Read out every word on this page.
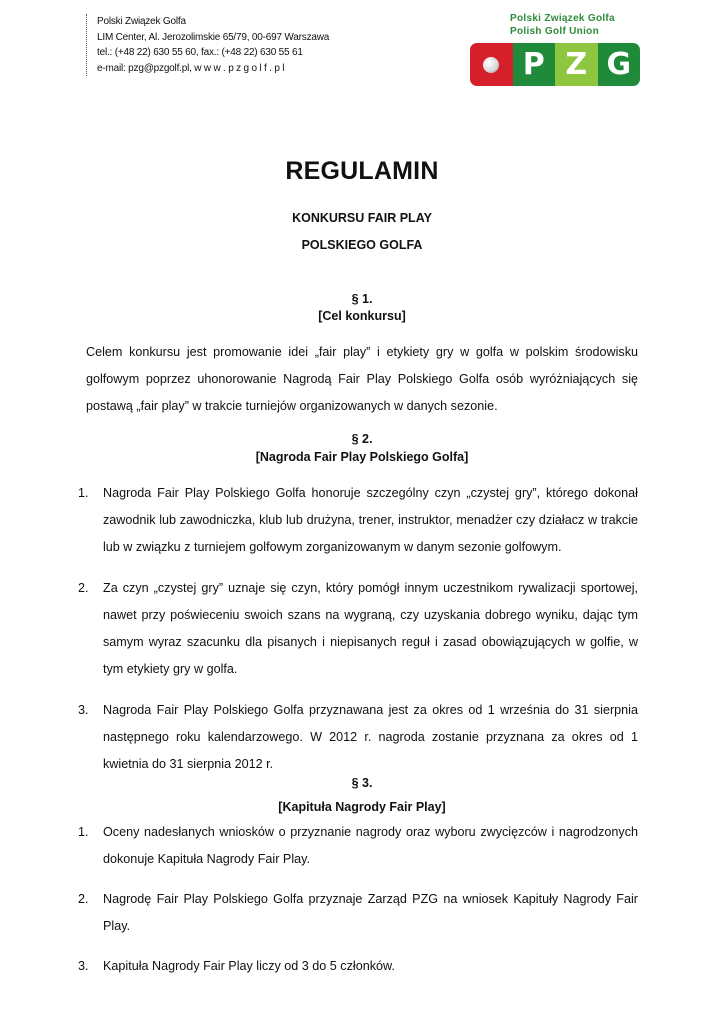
Polski Związek Golfa
LIM Center, Al. Jerozolimskie 65/79, 00-697 Warszawa
tel.: (+48 22) 630 55 60, fax.: (+48 22) 630 55 61
e-mail: pzg@pzgolf.pl, w w w . p z g o l f . p l
Polski Związek Golfa
Polish Golf Union
P Z G
REGULAMIN
KONKURSU FAIR PLAY
POLSKIEGO GOLFA
§ 1.
[Cel konkursu]
Celem konkursu jest promowanie idei „fair play” i etykiety gry w golfa w polskim środowisku golfowym poprzez uhonorowanie Nagrodą Fair Play Polskiego Golfa osób wyróżniających się postawą „fair play” w trakcie turniejów organizowanych w danych sezonie.
§ 2.
[Nagroda Fair Play Polskiego Golfa]
1.	Nagroda Fair Play Polskiego Golfa honoruje szczególny czyn „czystej gry”, którego dokonał zawodnik lub zawodniczka, klub lub drużyna, trener, instruktor, menadżer czy działacz w trakcie lub w związku z turniejem golfowym zorganizowanym w danym sezonie golfowym.
2.	Za czyn „czystej gry” uznaje się czyn, który pomógł innym uczestnikom rywalizacji sportowej, nawet przy poświeceniu swoich szans na wygraną, czy uzyskania dobrego wyniku, dając tym samym wyraz szacunku dla pisanych i niepisanych reguł i zasad obowiązujących w golfie, w tym etykiety gry w golfa.
3.	Nagroda Fair Play Polskiego Golfa przyznawana jest za okres od 1 września do 31 sierpnia następnego roku kalendarzowego. W 2012 r. nagroda zostanie przyznana za okres od 1 kwietnia do 31 sierpnia 2012 r.
§ 3.
[Kapituła Nagrody Fair Play]
1.	Oceny nadesłanych wniosków o przyznanie nagrody oraz wyboru zwycięzców i nagrodzonych dokonuje Kapituła Nagrody Fair Play.
2.	Nagrodę Fair Play Polskiego Golfa przyznaje Zarząd PZG na wniosek Kapituły Nagrody Fair Play.
3.	Kapituła Nagrody Fair Play liczy od 3 do 5 członków.
